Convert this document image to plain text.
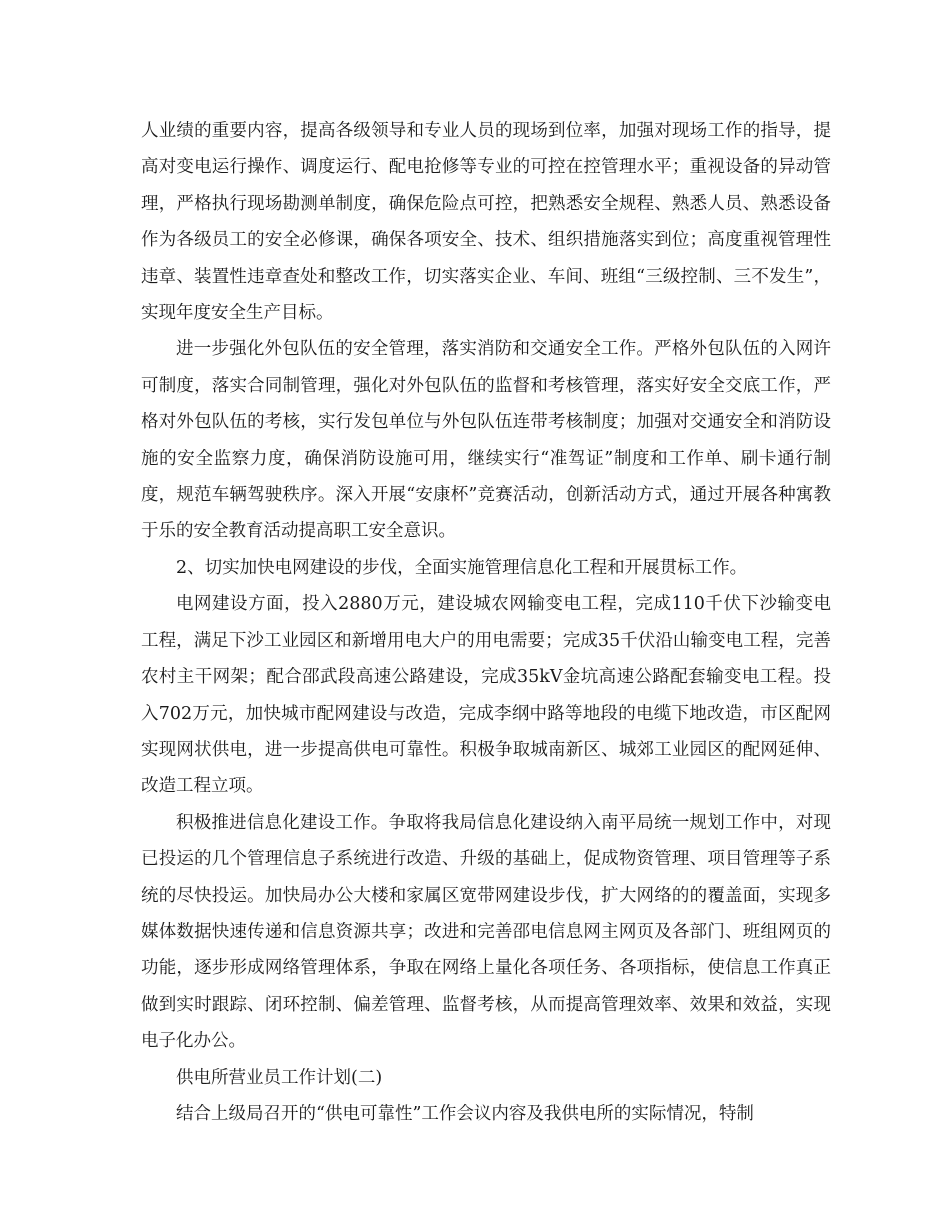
人业绩的重要内容，提高各级领导和专业人员的现场到位率，加强对现场工作的指导，提高对变电运行操作、调度运行、配电抢修等专业的可控在控管理水平；重视设备的异动管理，严格执行现场勘测单制度，确保危险点可控，把熟悉安全规程、熟悉人员、熟悉设备作为各级员工的安全必修课，确保各项安全、技术、组织措施落实到位；高度重视管理性违章、装置性违章查处和整改工作，切实落实企业、车间、班组“三级控制、三不发生”，实现年度安全生产目标。

进一步强化外包队伍的安全管理，落实消防和交通安全工作。严格外包队伍的入网许可制度，落实合同制管理，强化对外包队伍的监督和考核管理，落实好安全交底工作，严格对外包队伍的考核，实行发包单位与外包队伍连带考核制度；加强对交通安全和消防设施的安全监察力度，确保消防设施可用，继续实行“准驾证”制度和工作单、刷卡通行制度，规范车辆驾驶秩序。深入开展“安康杯”竞赛活动，创新活动方式，通过开展各种寓教于乐的安全教育活动提高职工安全意识。

2、切实加快电网建设的步伐，全面实施管理信息化工程和开展贯标工作。

电网建设方面，投入2880万元，建设城农网输变电工程，完成110千伏下沙输变电工程，满足下沙工业园区和新增用电大户的用电需要；完成35千伏沿山输变电工程，完善农村主干网架；配合邵武段高速公路建设，完成35kV金坑高速公路配套输变电工程。投入702万元，加快城市配网建设与改造，完成李纲中路等地段的电缆下地改造，市区配网实现网状供电，进一步提高供电可靠性。积极争取城南新区、城郊工业园区的配网延伸、改造工程立项。

积极推进信息化建设工作。争取将我局信息化建设纳入南平局统一规划工作中，对现已投运的几个管理信息子系统进行改造、升级的基础上，促成物资管理、项目管理等子系统的尽快投运。加快局办公大楼和家属区宽带网建设步伐，扩大网络的的覆盖面，实现多媒体数据快速传递和信息资源共享；改进和完善邵电信息网主网页及各部门、班组网页的功能，逐步形成网络管理体系，争取在网络上量化各项任务、各项指标，使信息工作真正做到实时跟踪、闭环控制、偏差管理、监督考核，从而提高管理效率、效果和效益，实现电子化办公。

供电所营业员工作计划(二)

结合上级局召开的“供电可靠性”工作会议内容及我供电所的实际情况，特制
